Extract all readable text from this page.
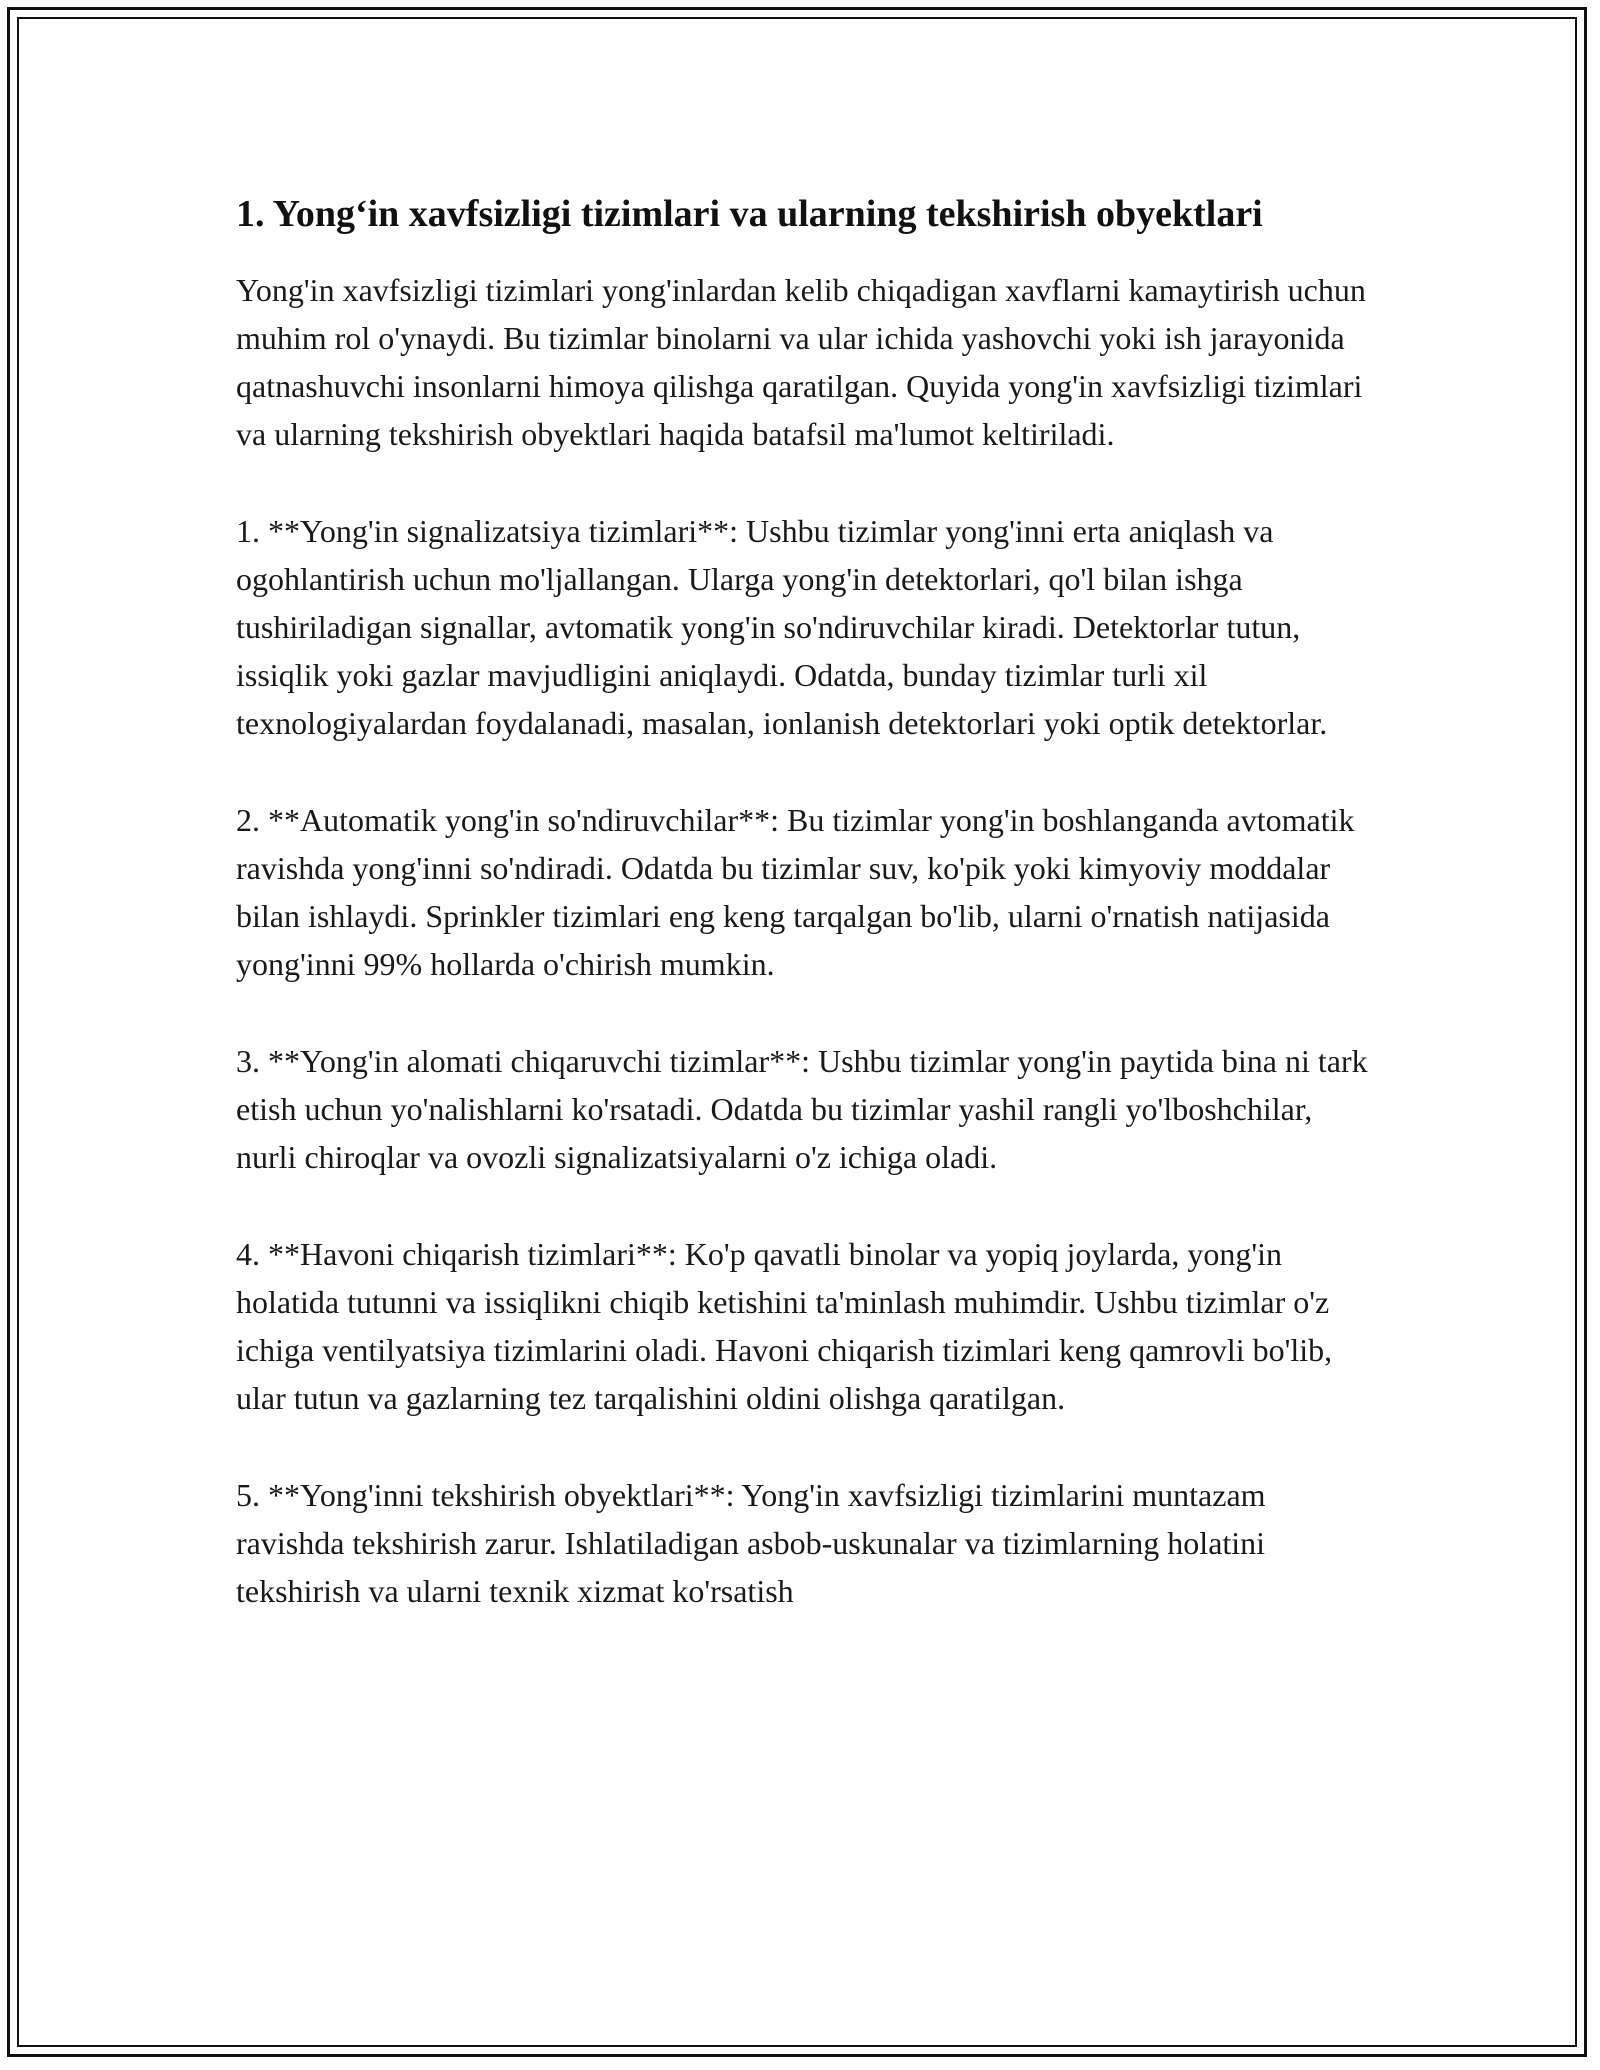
1. Yong‘in xavfsizligi tizimlari va ularning tekshirish obyektlari

Yong'in xavfsizligi tizimlari yong'inlardan kelib chiqadigan xavflarni kamaytirish uchun muhim rol o'ynaydi. Bu tizimlar binolarni va ular ichida yashovchi yoki ish jarayonida qatnashuvchi insonlarni himoya qilishga qaratilgan. Quyida yong'in xavfsizligi tizimlari va ularning tekshirish obyektlari haqida batafsil ma'lumot keltiriladi.

1. **Yong'in signalizatsiya tizimlari**: Ushbu tizimlar yong'inni erta aniqlash va ogohlantirish uchun mo'ljallangan. Ularga yong'in detektorlari, qo'l bilan ishga tushiriladigan signallar, avtomatik yong'in so'ndiruvchilar kiradi. Detektorlar tutun, issiqlik yoki gazlar mavjudligini aniqlaydi. Odatda, bunday tizimlar turli xil texnologiyalardan foydalanadi, masalan, ionlanish detektorlari yoki optik detektorlar.

2. **Automatik yong'in so'ndiruvchilar**: Bu tizimlar yong'in boshlanganda avtomatik ravishda yong'inni so'ndiradi. Odatda bu tizimlar suv, ko'pik yoki kimyoviy moddalar bilan ishlaydi. Sprinkler tizimlari eng keng tarqalgan bo'lib, ularni o'rnatish natijasida yong'inni 99% hollarda o'chirish mumkin.

3. **Yong'in alomati chiqaruvchi tizimlar**: Ushbu tizimlar yong'in paytida bina ni tark etish uchun yo'nalishlarni ko'rsatadi. Odatda bu tizimlar yashil rangli yo'lboshchilar, nurli chiroqlar va ovozli signalizatsiyalarni o'z ichiga oladi.

4. **Havoni chiqarish tizimlari**: Ko'p qavatli binolar va yopiq joylarda, yong'in holatida tutunni va issiqlikni chiqib ketishini ta'minlash muhimdir. Ushbu tizimlar o'z ichiga ventilyatsiya tizimlarini oladi. Havoni chiqarish tizimlari keng qamrovli bo'lib, ular tutun va gazlarning tez tarqalishini oldini olishga qaratilgan.

5. **Yong'inni tekshirish obyektlari**: Yong'in xavfsizligi tizimlarini muntazam ravishda tekshirish zarur. Ishlatiladigan asbob-uskunalar va tizimlarning holatini tekshirish va ularni texnik xizmat ko'rsatish
